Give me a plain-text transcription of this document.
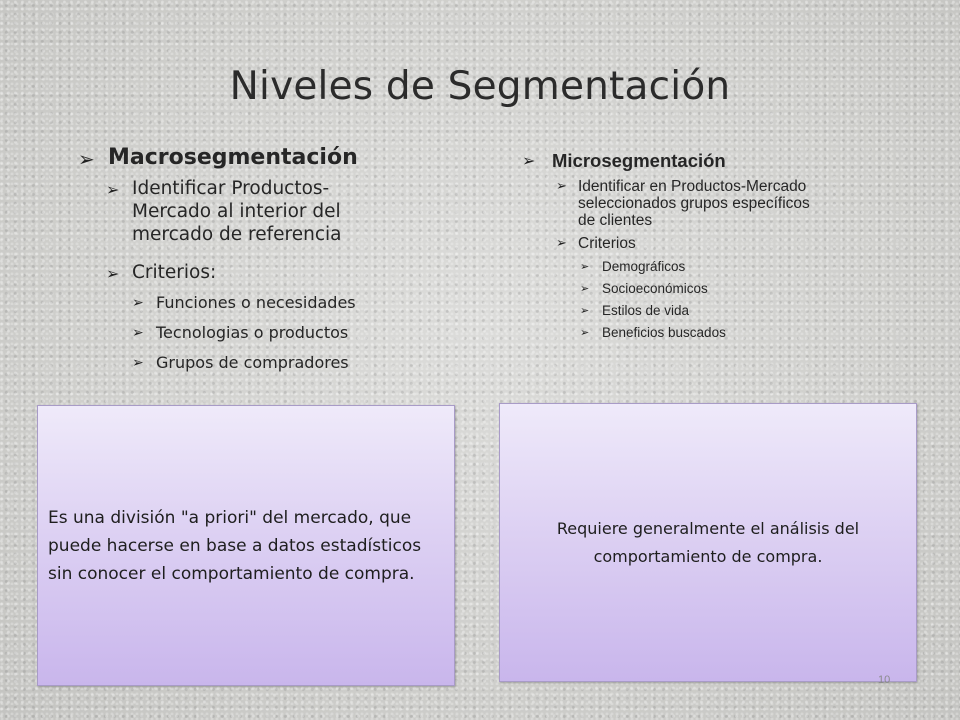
Niveles de Segmentación
➢ Macrosegmentación
➢ Identificar Productos-Mercado al interior del mercado de referencia
➢ Criterios:
➢ Funciones o necesidades
➢ Tecnologias o productos
➢ Grupos de compradores
➢ Microsegmentación
➢ Identificar en Productos-Mercado seleccionados grupos específicos de clientes
➢ Criterios
➢ Demográficos
➢ Socioeconómicos
➢ Estilos de vida
➢ Beneficios buscados
Es una división "a priori" del mercado, que puede hacerse en base a datos estadísticos sin conocer el comportamiento de compra.
Requiere generalmente el análisis del comportamiento de compra.
10
